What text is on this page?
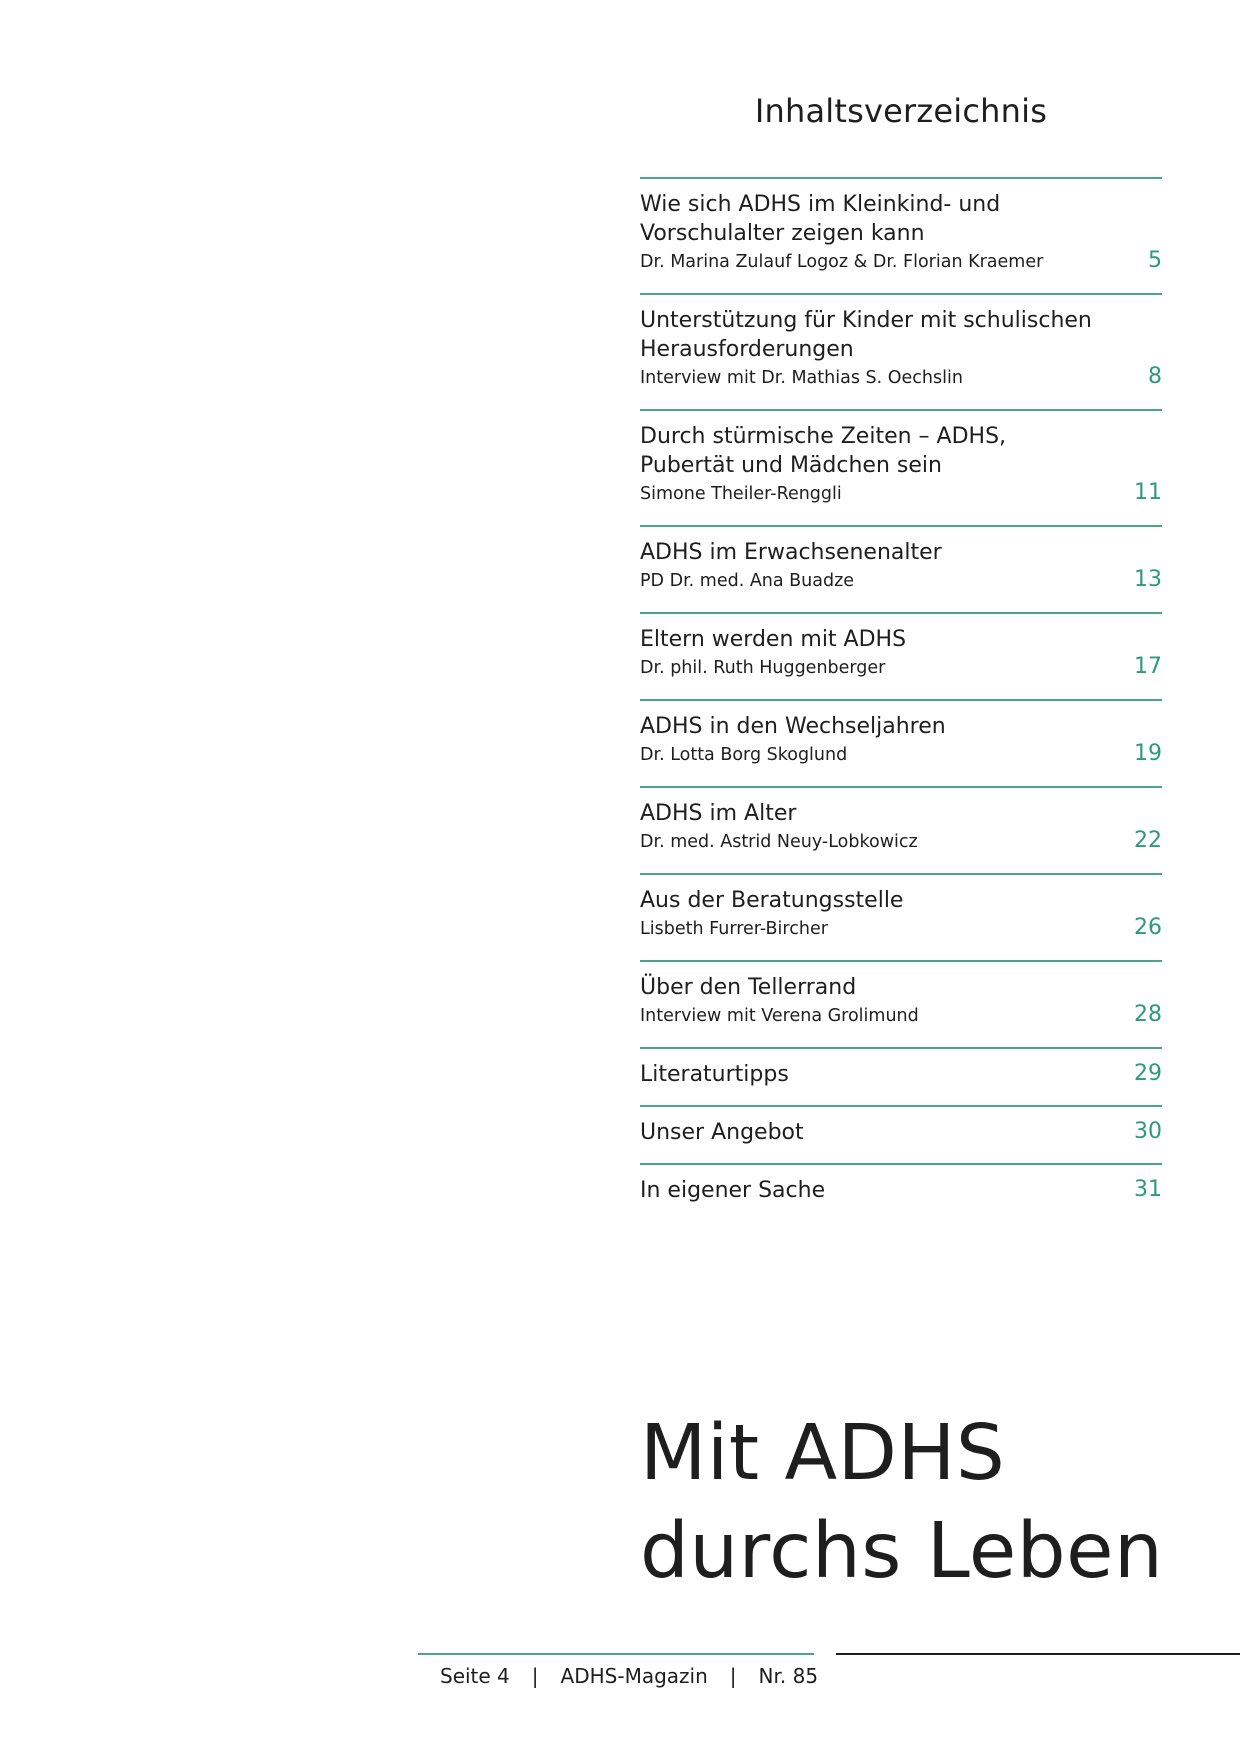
Inhaltsverzeichnis
Wie sich ADHS im Kleinkind- und Vorschulalter zeigen kann
Dr. Marina Zulauf Logoz & Dr. Florian Kraemer	5
Unterstützung für Kinder mit schulischen Herausforderungen
Interview mit Dr. Mathias S. Oechslin	8
Durch stürmische Zeiten – ADHS, Pubertät und Mädchen sein
Simone Theiler-Renggli	11
ADHS im Erwachsenenalter
PD Dr. med. Ana Buadze	13
Eltern werden mit ADHS
Dr. phil. Ruth Huggenberger	17
ADHS in den Wechseljahren
Dr. Lotta Borg Skoglund	19
ADHS im Alter
Dr. med. Astrid Neuy-Lobkowicz	22
Aus der Beratungsstelle
Lisbeth Furrer-Bircher	26
Über den Tellerrand
Interview mit Verena Grolimund	28
Literaturtipps	29
Unser Angebot	30
In eigener Sache	31
Mit ADHS
durchs Leben
Seite 4 | ADHS-Magazin | Nr. 85
